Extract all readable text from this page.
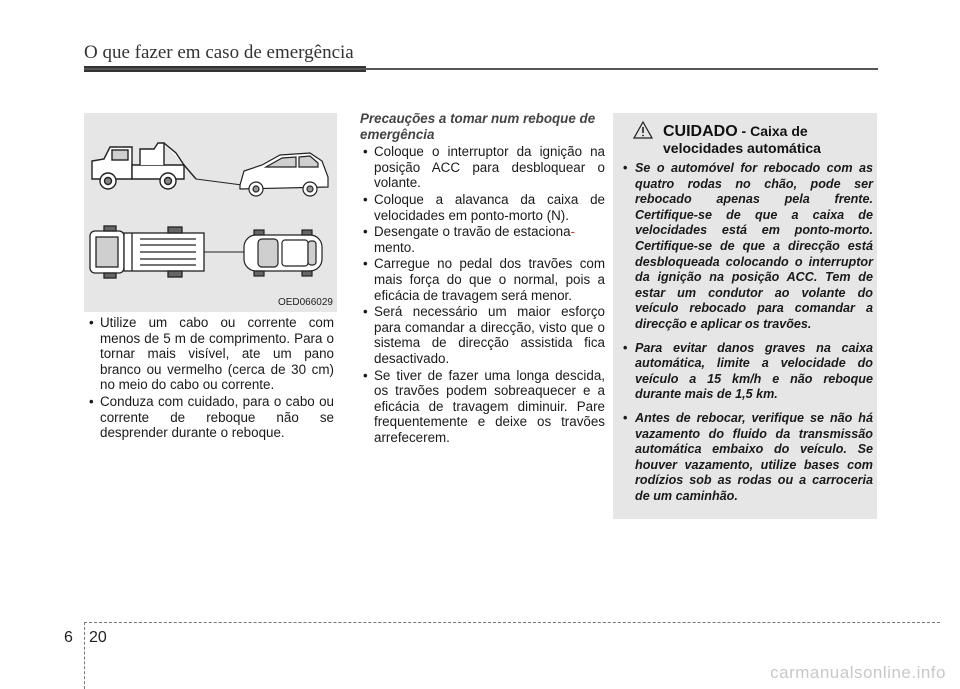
O que fazer em caso de emergência
OED066029
• Utilize um cabo ou corrente com menos de 5 m de comprimento. Para o tornar mais visível, ate um pano branco ou vermelho (cerca de 30 cm) no meio do cabo ou corrente.
• Conduza com cuidado, para o cabo ou corrente de reboque não se desprender durante o reboque.
Precauções a tomar num reboque de emergência
• Coloque o interruptor da ignição na posição ACC para desbloquear o volante.
• Coloque a alavanca da caixa de velocidades em ponto-morto (N).
• Desengate o travão de estaciona-
mento.
• Carregue no pedal dos travões com mais força do que o normal, pois a eficácia de travagem será menor.
• Será necessário um maior esforço para comandar a direcção, visto que o sistema de direcção assistida fica desactivado.
• Se tiver de fazer uma longa descida, os travões podem sobreaquecer e a eficácia de travagem diminuir. Pare frequentemente e deixe os travões arrefecerem.
CUIDADO - Caixa de velocidades automática
• Se o automóvel for rebocado com as quatro rodas no chão, pode ser rebocado apenas pela frente. Certifique-se de que a caixa de velocidades está em ponto-morto. Certifique-se de que a direcção está desbloqueada colocando o interruptor da ignição na posição ACC. Tem de estar um condutor ao volante do veículo rebocado para comandar a direcção e aplicar os travões.
• Para evitar danos graves na caixa automática, limite a velocidade do veículo a 15 km/h e não reboque durante mais de 1,5 km.
• Antes de rebocar, verifique se não há vazamento do fluido da transmissão automática embaixo do veículo. Se houver vazamento, utilize bases com rodízios sob as rodas ou a carroceria de um caminhão.
6 20
carmanualsonline.info
